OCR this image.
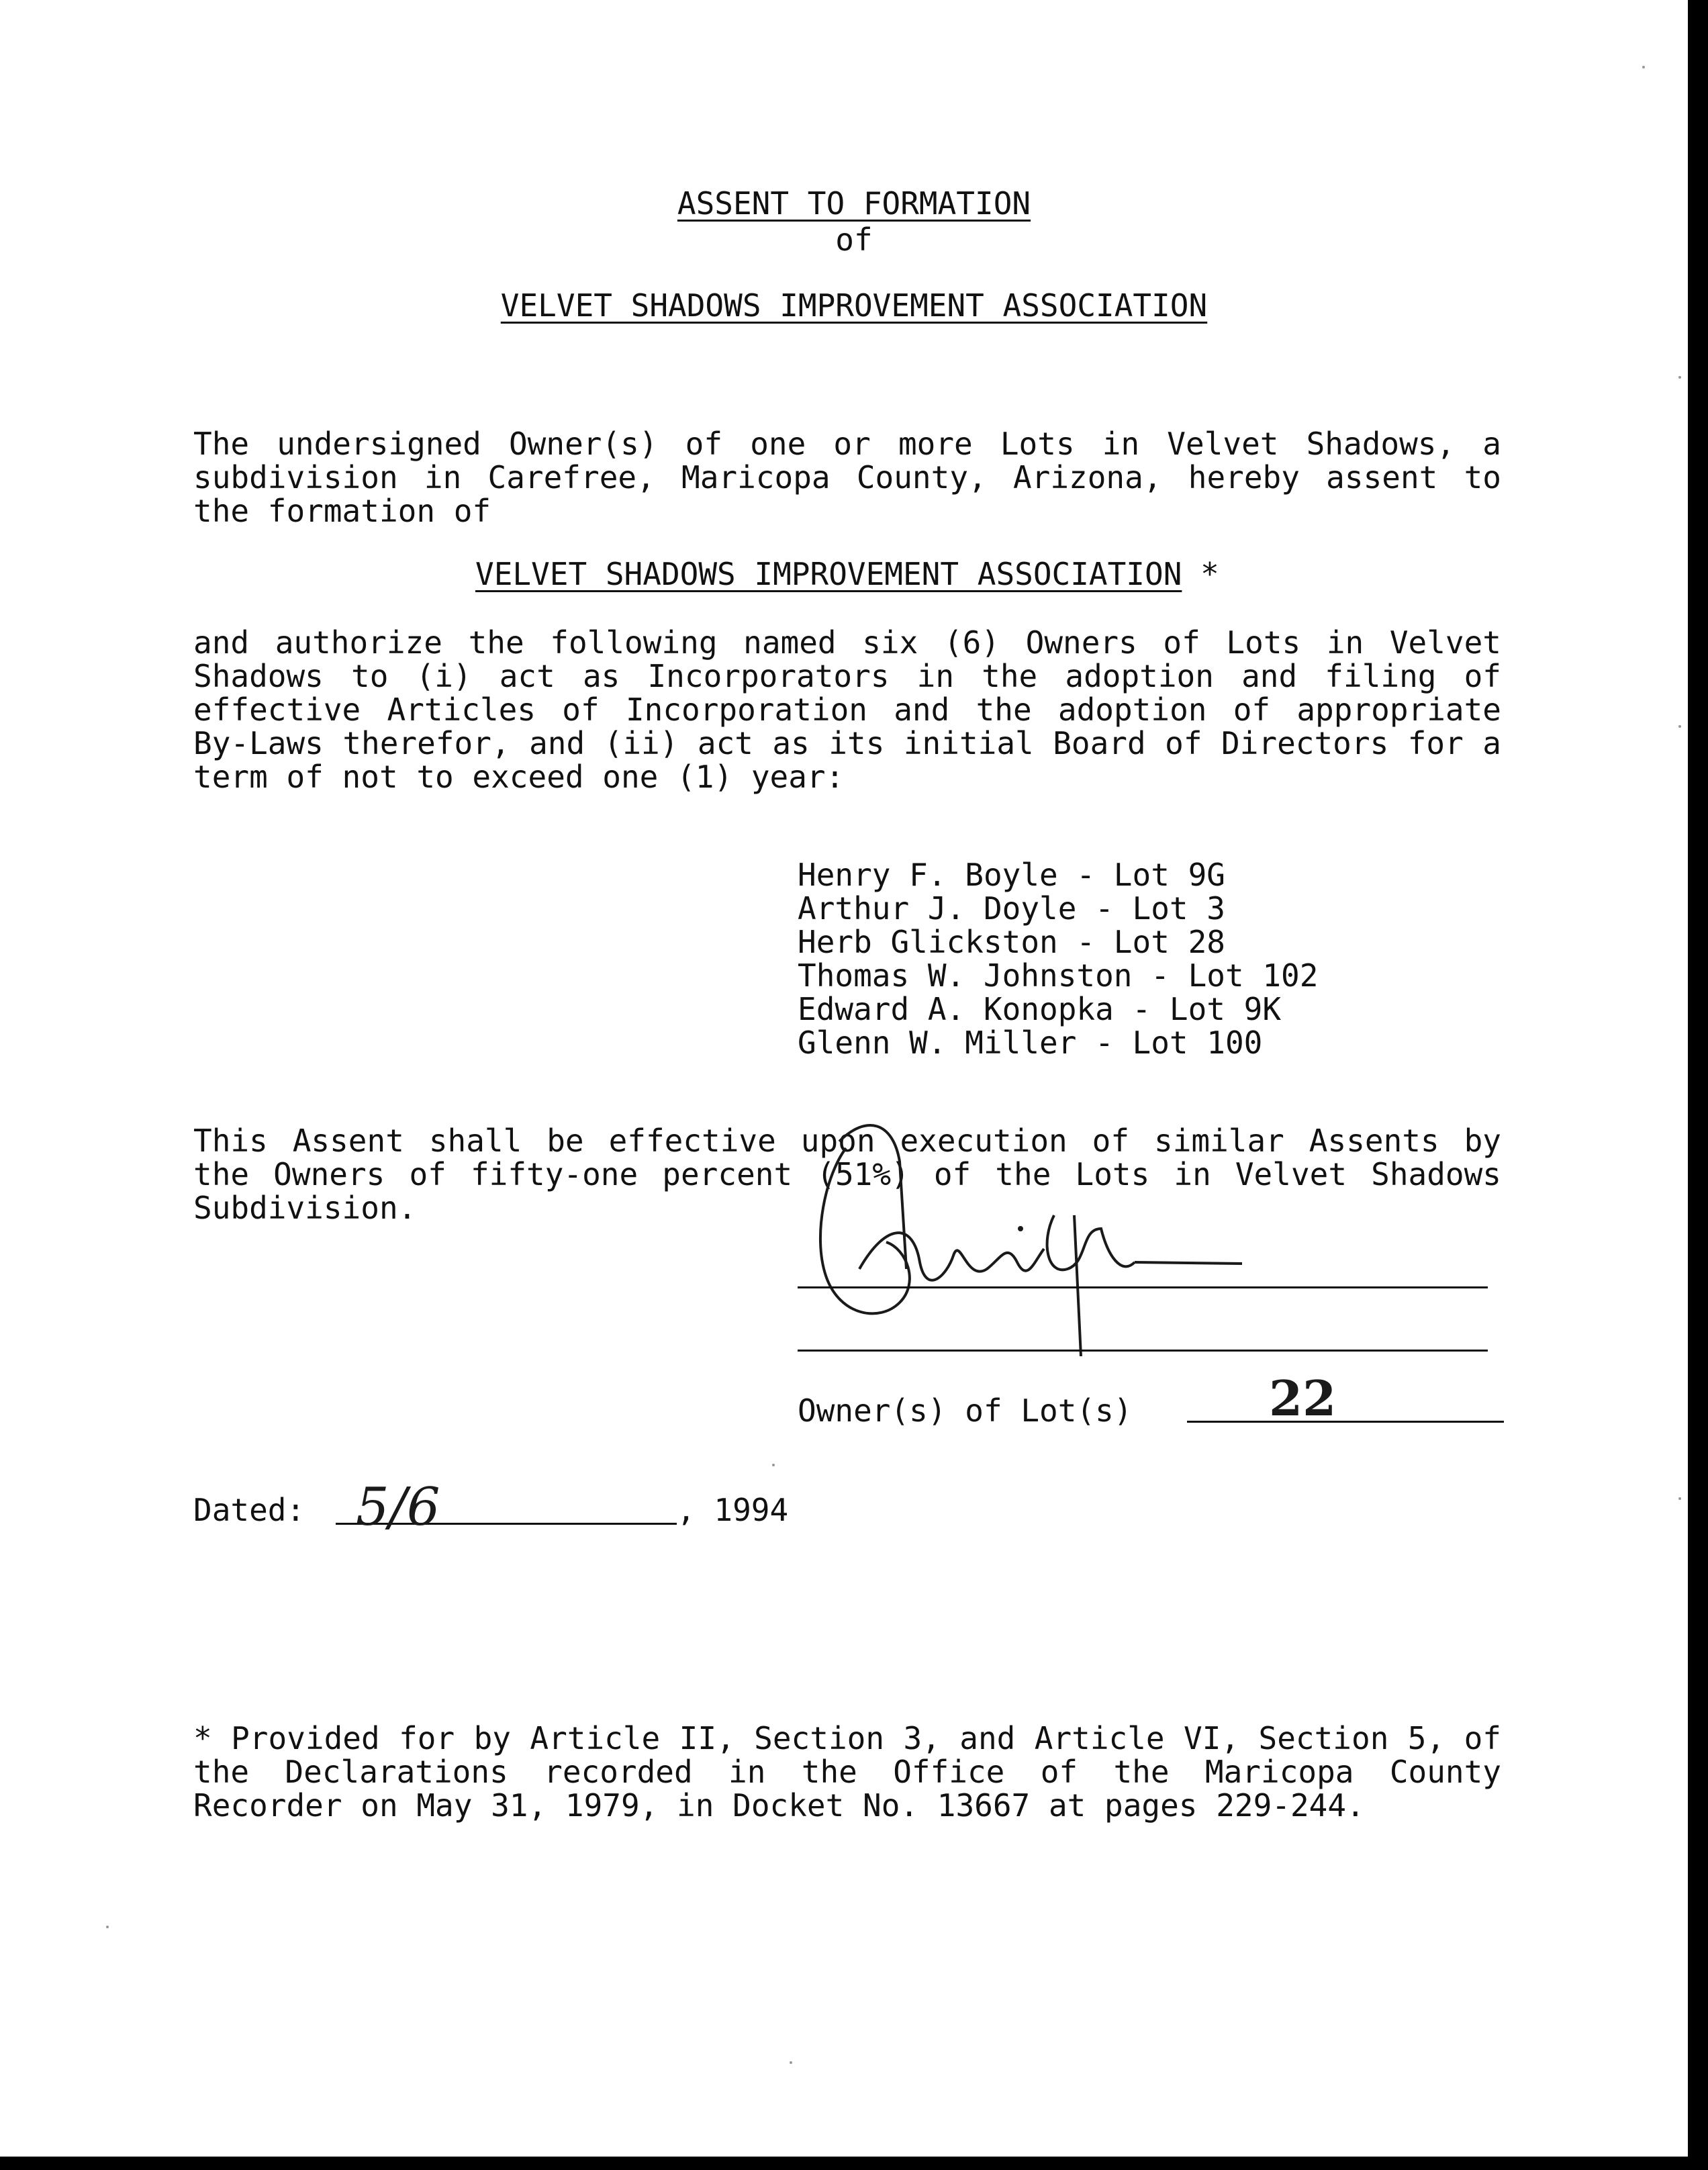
ASSENT TO FORMATION
of
VELVET SHADOWS IMPROVEMENT ASSOCIATION
The undersigned Owner(s) of one or more Lots in Velvet Shadows, a subdivision in Carefree, Maricopa County, Arizona, hereby assent to the formation of
VELVET SHADOWS IMPROVEMENT ASSOCIATION *
and authorize the following named six (6) Owners of Lots in Velvet Shadows to (i) act as Incorporators in the adoption and filing of effective Articles of Incorporation and the adoption of appropriate By-Laws therefor, and (ii) act as its initial Board of Directors for a term of not to exceed one (1) year:
Henry F. Boyle - Lot 9G
Arthur J. Doyle - Lot 3
Herb Glickston - Lot 28
Thomas W. Johnston - Lot 102
Edward A. Konopka - Lot 9K
Glenn W. Miller - Lot 100
This Assent shall be effective upon execution of similar Assents by the Owners of fifty-one percent (51%) of the Lots in Velvet Shadows Subdivision.
Owner(s) of Lot(s)	22
Dated: 5/6	, 1994
* Provided for by Article II, Section 3, and Article VI, Section 5, of the Declarations recorded in the Office of the Maricopa County Recorder on May 31, 1979, in Docket No. 13667 at pages 229-244.
